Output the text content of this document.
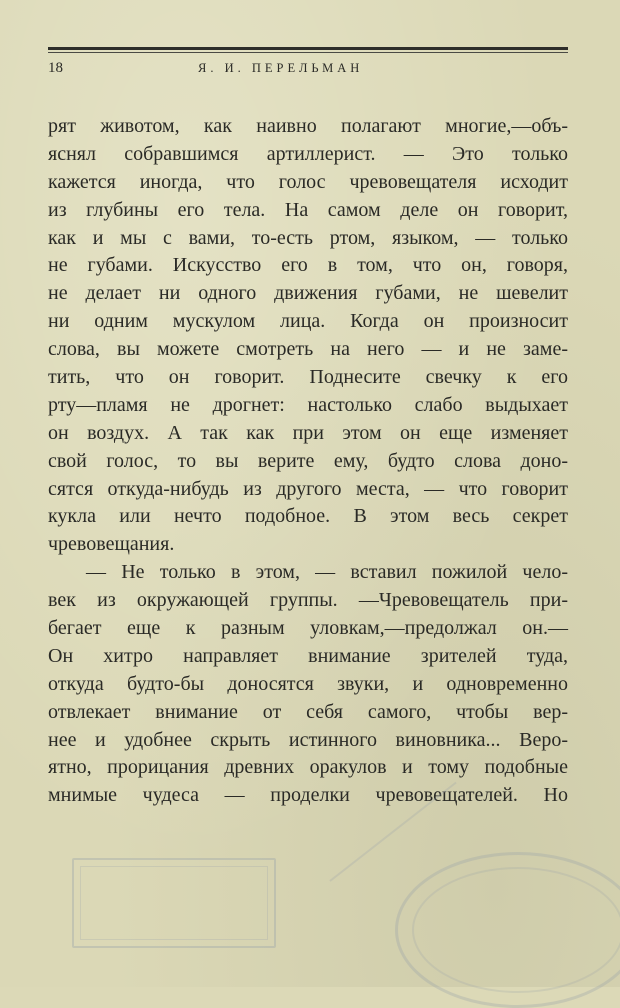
18	Я. И. ПЕРЕЛЬМАН
рят животом, как наивно полагают многие,—объ-
яснял собравшимся артиллерист. — Это только
кажется иногда, что голос чревовещателя исходит
из глубины его тела. На самом деле он говорит,
как и мы с вами, то-есть ртом, языком, — только
не губами. Искусство его в том, что он, говоря,
не делает ни одного движения губами, не шевелит
ни одним мускулом лица. Когда он произносит
слова, вы можете смотреть на него — и не заме-
тить, что он говорит. Поднесите свечку к его
рту—пламя не дрогнет: настолько слабо выдыхает
он воздух. А так как при этом он еще изменяет
свой голос, то вы верите ему, будто слова доно-
сятся откуда-нибудь из другого места, — что говорит
кукла или нечто подобное. В этом весь секрет
чревовещания.
— Не только в этом, — вставил пожилой чело-
век из окружающей группы. —Чревовещатель при-
бегает еще к разным уловкам,—предолжал он.—
Он хитро направляет внимание зрителей туда,
откуда будто-бы доносятся звуки, и одновременно
отвлекает внимание от себя самого, чтобы вер-
нее и удобнее скрыть истинного виновника... Веро-
ятно, прорицания древних оракулов и тому подобные
мнимые чудеса — проделки чревовещателей. Но
